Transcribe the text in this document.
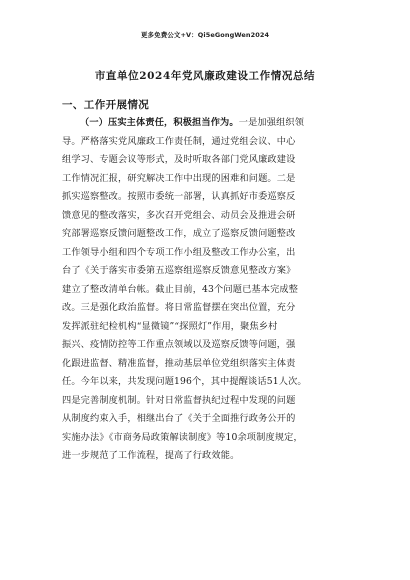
更多免费公文+V：Qi5eGongWen2024
市直单位2024年党风廉政建设工作情况总结
一、工作开展情况
（一）压实主体责任，积极担当作为。一是加强组织领
导。严格落实党风廉政工作责任制，通过党组会议、中心
组学习、专题会议等形式，及时听取各部门党风廉政建设
工作情况汇报，研究解决工作中出现的困难和问题。二是
抓实巡察整改。按照市委统一部署，认真抓好市委巡察反
馈意见的整改落实，多次召开党组会、动员会及推进会研
究部署巡察反馈问题整改工作，成立了巡察反馈问题整改
工作领导小组和四个专项工作小组及整改工作办公室，出
台了《关于落实市委第五巡察组巡察反馈意见整改方案》
建立了整改清单台帐。截止目前，43个问题已基本完成整
改。三是强化政治监督。将日常监督摆在突出位置，充分
发挥派驻纪检机构“显微镜”“探照灯”作用，聚焦乡村
振兴、疫情防控等工作重点领域以及巡察反馈等问题，强
化跟进监督、精准监督，推动基层单位党组织落实主体责
任。今年以来，共发现问题196个，其中提醒谈话51人次。
四是完善制度机制。针对日常监督执纪过程中发现的问题
从制度约束入手，相继出台了《关于全面推行政务公开的
实施办法》《市商务局政策解读制度》等10余项制度规定，
进一步规范了工作流程，提高了行政效能。
